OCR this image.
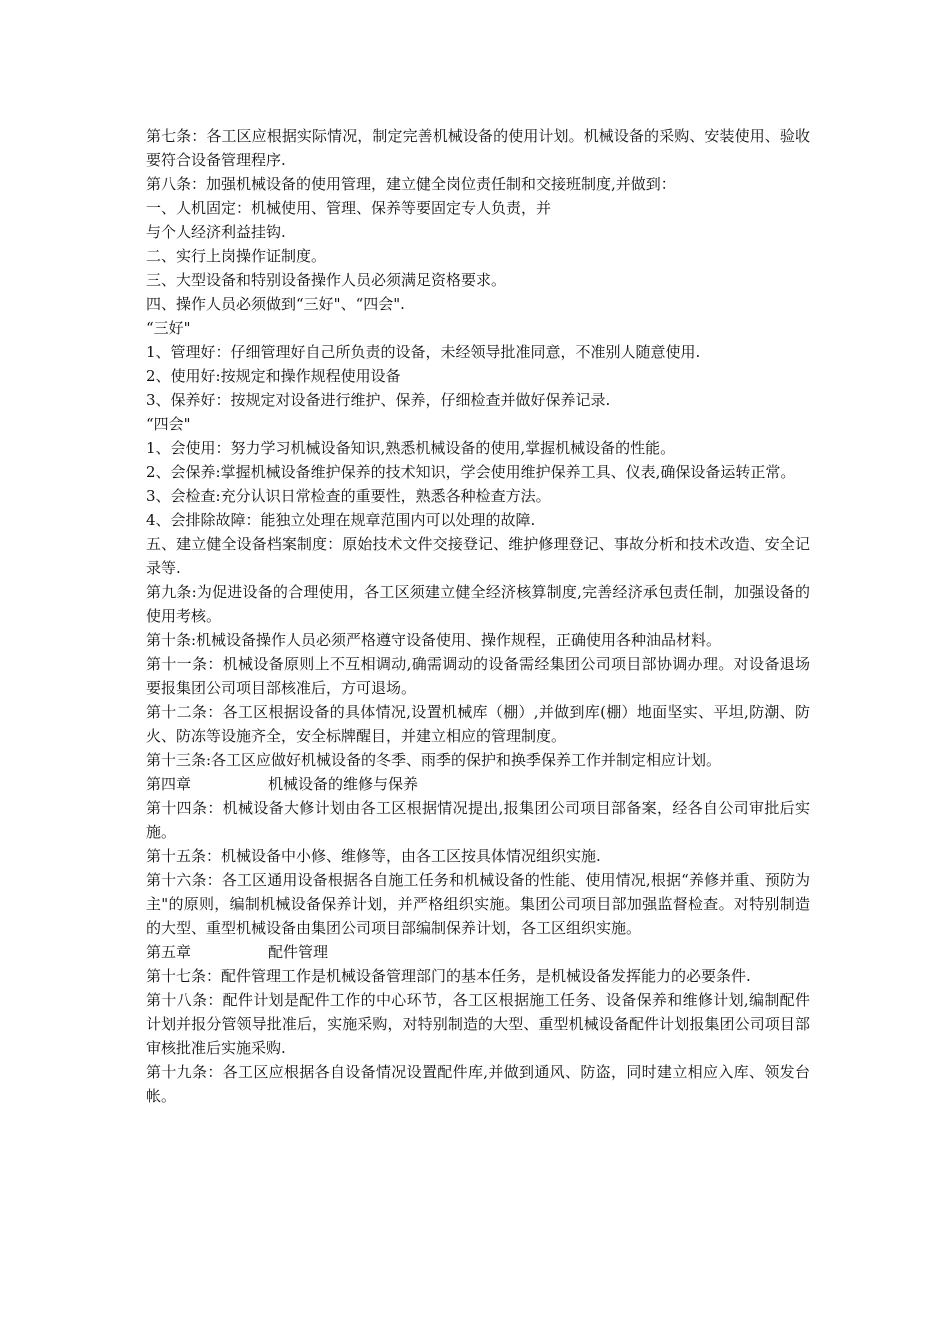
第七条：各工区应根据实际情况，制定完善机械设备的使用计划。机械设备的采购、安装使用、验收要符合设备管理程序.

第八条：加强机械设备的使用管理，建立健全岗位责任制和交接班制度,并做到：

一、人机固定：机械使用、管理、保养等要固定专人负责，并

与个人经济利益挂钩.

二、实行上岗操作证制度。

三、大型设备和特别设备操作人员必须满足资格要求。

四、操作人员必须做到“三好"、“四会".

“三好"

1、管理好：仔细管理好自己所负责的设备，未经领导批准同意，不准别人随意使用.

2、使用好:按规定和操作规程使用设备

3、保养好：按规定对设备进行维护、保养，仔细检查并做好保养记录.

“四会"

1、会使用：努力学习机械设备知识,熟悉机械设备的使用,掌握机械设备的性能。

2、会保养:掌握机械设备维护保养的技术知识，学会使用维护保养工具、仪表,确保设备运转正常。

3、会检查:充分认识日常检查的重要性，熟悉各种检查方法。

4、会排除故障：能独立处理在规章范围内可以处理的故障.

五、建立健全设备档案制度：原始技术文件交接登记、维护修理登记、事故分析和技术改造、安全记录等.

第九条:为促进设备的合理使用，各工区须建立健全经济核算制度,完善经济承包责任制，加强设备的使用考核。

第十条:机械设备操作人员必须严格遵守设备使用、操作规程，正确使用各种油品材料。

第十一条：机械设备原则上不互相调动,确需调动的设备需经集团公司项目部协调办理。对设备退场要报集团公司项目部核准后，方可退场。

第十二条：各工区根据设备的具体情况,设置机械库（棚）,并做到库(棚）地面坚实、平坦,防潮、防火、防冻等设施齐全，安全标牌醒目，并建立相应的管理制度。

第十三条:各工区应做好机械设备的冬季、雨季的保护和换季保养工作并制定相应计划。

第四章	机械设备的维修与保养

第十四条：机械设备大修计划由各工区根据情况提出,报集团公司项目部备案，经各自公司审批后实施。

第十五条：机械设备中小修、维修等，由各工区按具体情况组织实施.

第十六条：各工区通用设备根据各自施工任务和机械设备的性能、使用情况,根据“养修并重、预防为主"的原则，编制机械设备保养计划，并严格组织实施。集团公司项目部加强监督检查。对特别制造的大型、重型机械设备由集团公司项目部编制保养计划，各工区组织实施。

第五章	配件管理

第十七条：配件管理工作是机械设备管理部门的基本任务，是机械设备发挥能力的必要条件.

第十八条：配件计划是配件工作的中心环节，各工区根据施工任务、设备保养和维修计划,编制配件计划并报分管领导批准后，实施采购，对特别制造的大型、重型机械设备配件计划报集团公司项目部审核批准后实施采购.

第十九条：各工区应根据各自设备情况设置配件库,并做到通风、防盗，同时建立相应入库、领发台帐。
